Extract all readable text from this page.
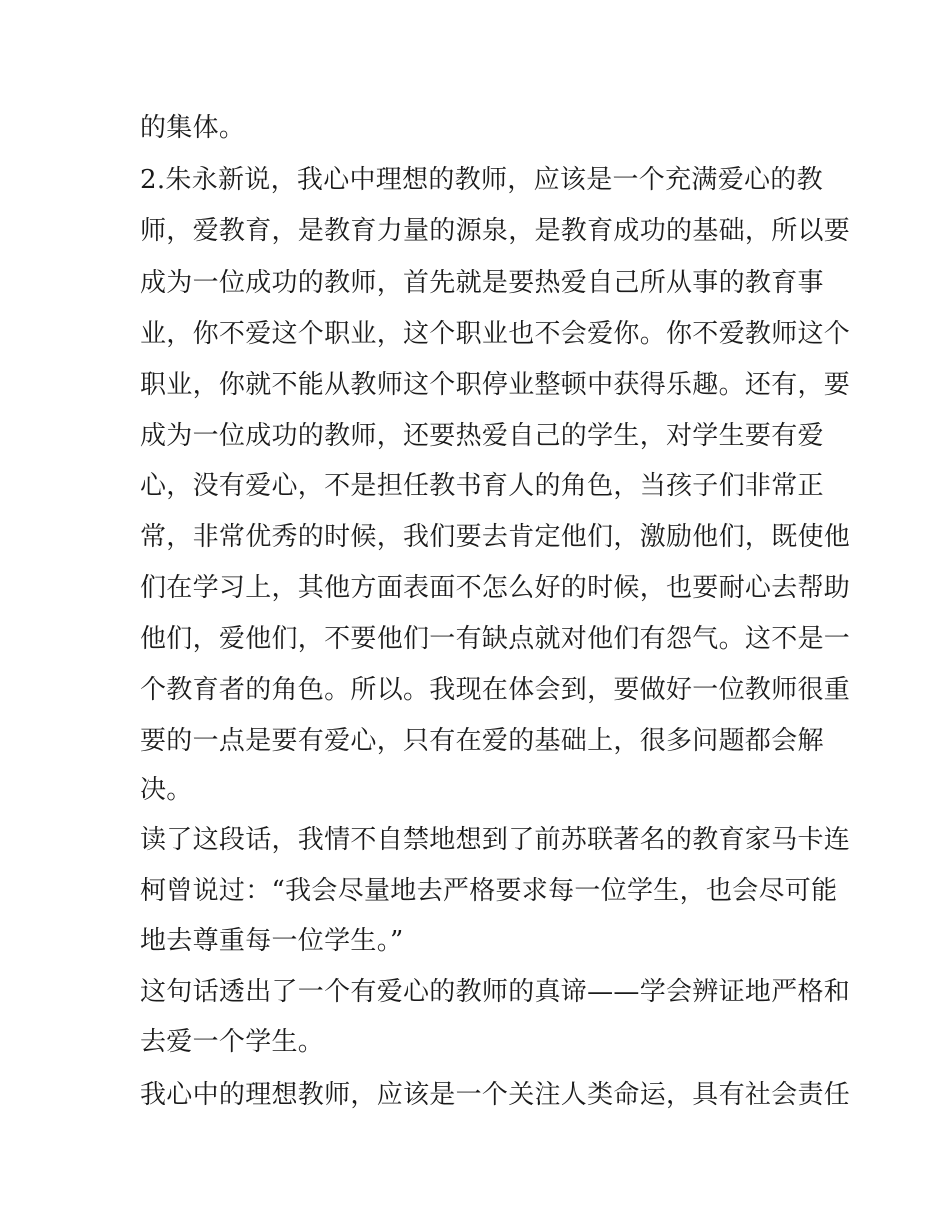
的集体。
2.朱永新说，我心中理想的教师，应该是一个充满爱心的教
师，爱教育，是教育力量的源泉，是教育成功的基础，所以要
成为一位成功的教师，首先就是要热爱自己所从事的教育事
业，你不爱这个职业，这个职业也不会爱你。你不爱教师这个
职业，你就不能从教师这个职停业整顿中获得乐趣。还有，要
成为一位成功的教师，还要热爱自己的学生，对学生要有爱
心，没有爱心，不是担任教书育人的角色，当孩子们非常正
常，非常优秀的时候，我们要去肯定他们，激励他们，既使他
们在学习上，其他方面表面不怎么好的时候，也要耐心去帮助
他们，爱他们，不要他们一有缺点就对他们有怨气。这不是一
个教育者的角色。所以。我现在体会到，要做好一位教师很重
要的一点是要有爱心，只有在爱的基础上，很多问题都会解
决。
读了这段话，我情不自禁地想到了前苏联著名的教育家马卡连
柯曾说过：“我会尽量地去严格要求每一位学生，也会尽可能
地去尊重每一位学生。”
这句话透出了一个有爱心的教师的真谛——学会辨证地严格和
去爱一个学生。
我心中的理想教师，应该是一个关注人类命运，具有社会责任
